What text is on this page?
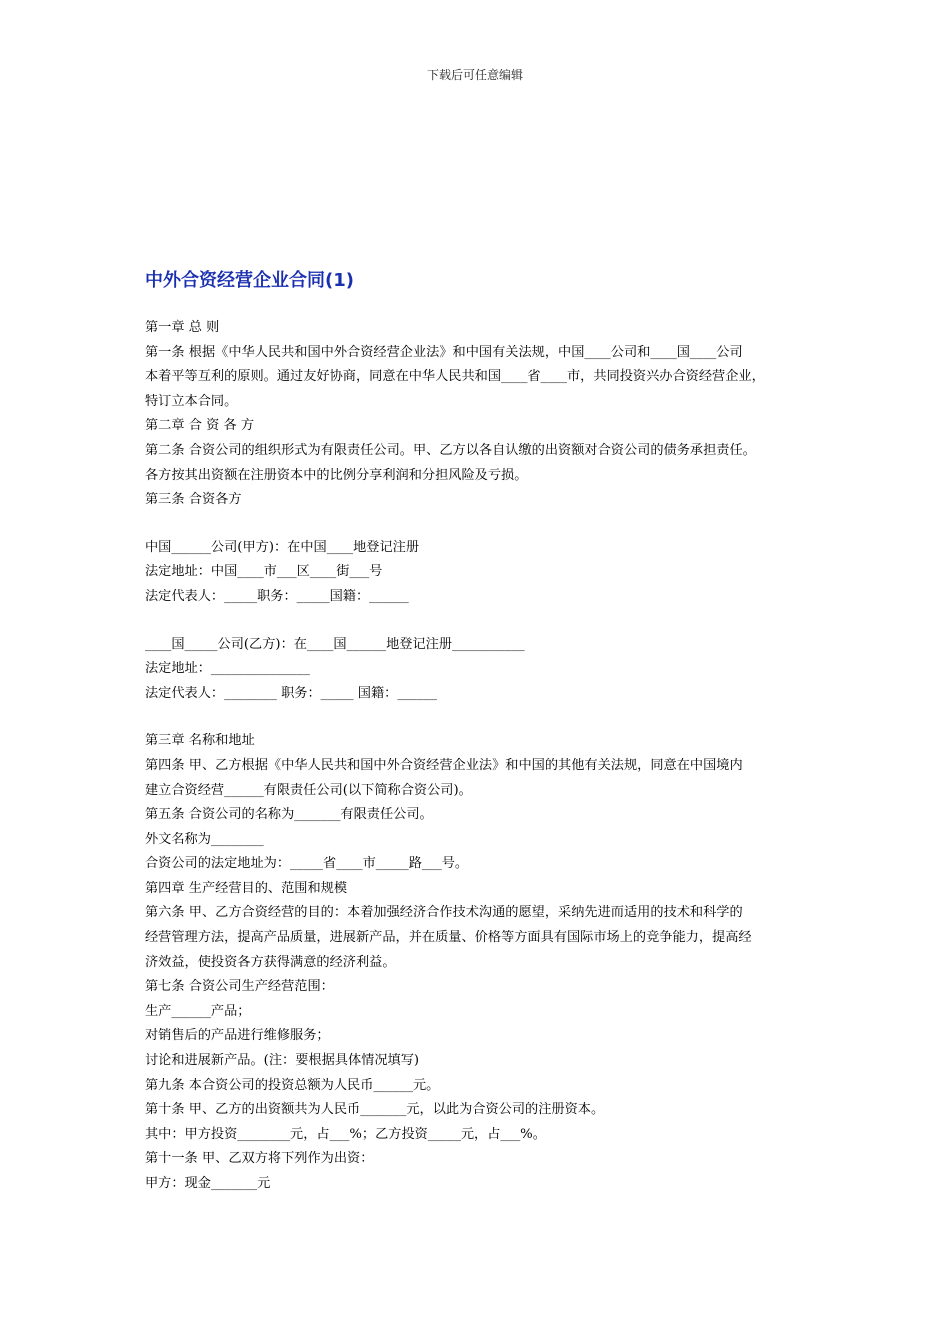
下载后可任意编辑
中外合资经营企业合同(1)
第一章 总 则
第一条 根据《中华人民共和国中外合资经营企业法》和中国有关法规，中国____公司和____国____公司
本着平等互利的原则。通过友好协商，同意在中华人民共和国____省____市，共同投资兴办合资经营企业，
特订立本合同。
第二章 合 资 各 方
第二条 合资公司的组织形式为有限责任公司。甲、乙方以各自认缴的出资额对合资公司的债务承担责任。
各方按其出资额在注册资本中的比例分享利润和分担风险及亏损。
第三条 合资各方
中国______公司(甲方)：在中国____地登记注册
法定地址：中国____市___区____街___号
法定代表人：_____职务：_____国籍：______
____国_____公司(乙方)：在____国______地登记注册___________
法定地址：_______________
法定代表人：________ 职务：_____ 国籍：______
第三章 名称和地址
第四条 甲、乙方根据《中华人民共和国中外合资经营企业法》和中国的其他有关法规，同意在中国境内
建立合资经营______有限责任公司(以下简称合资公司)。
第五条 合资公司的名称为_______有限责任公司。
外文名称为________
合资公司的法定地址为：_____省____市_____路___号。
第四章 生产经营目的、范围和规模
第六条 甲、乙方合资经营的目的：本着加强经济合作技术沟通的愿望，采纳先进而适用的技术和科学的
经营管理方法，提高产品质量，进展新产品，并在质量、价格等方面具有国际市场上的竞争能力，提高经
济效益，使投资各方获得满意的经济利益。
第七条 合资公司生产经营范围：
生产______产品；
对销售后的产品进行维修服务；
讨论和进展新产品。(注：要根据具体情况填写)
第九条 本合资公司的投资总额为人民币______元。
第十条 甲、乙方的出资额共为人民币_______元，以此为合资公司的注册资本。
其中：甲方投资________元，占___%；乙方投资_____元，占___%。
第十一条 甲、乙双方将下列作为出资：
甲方：现金_______元
